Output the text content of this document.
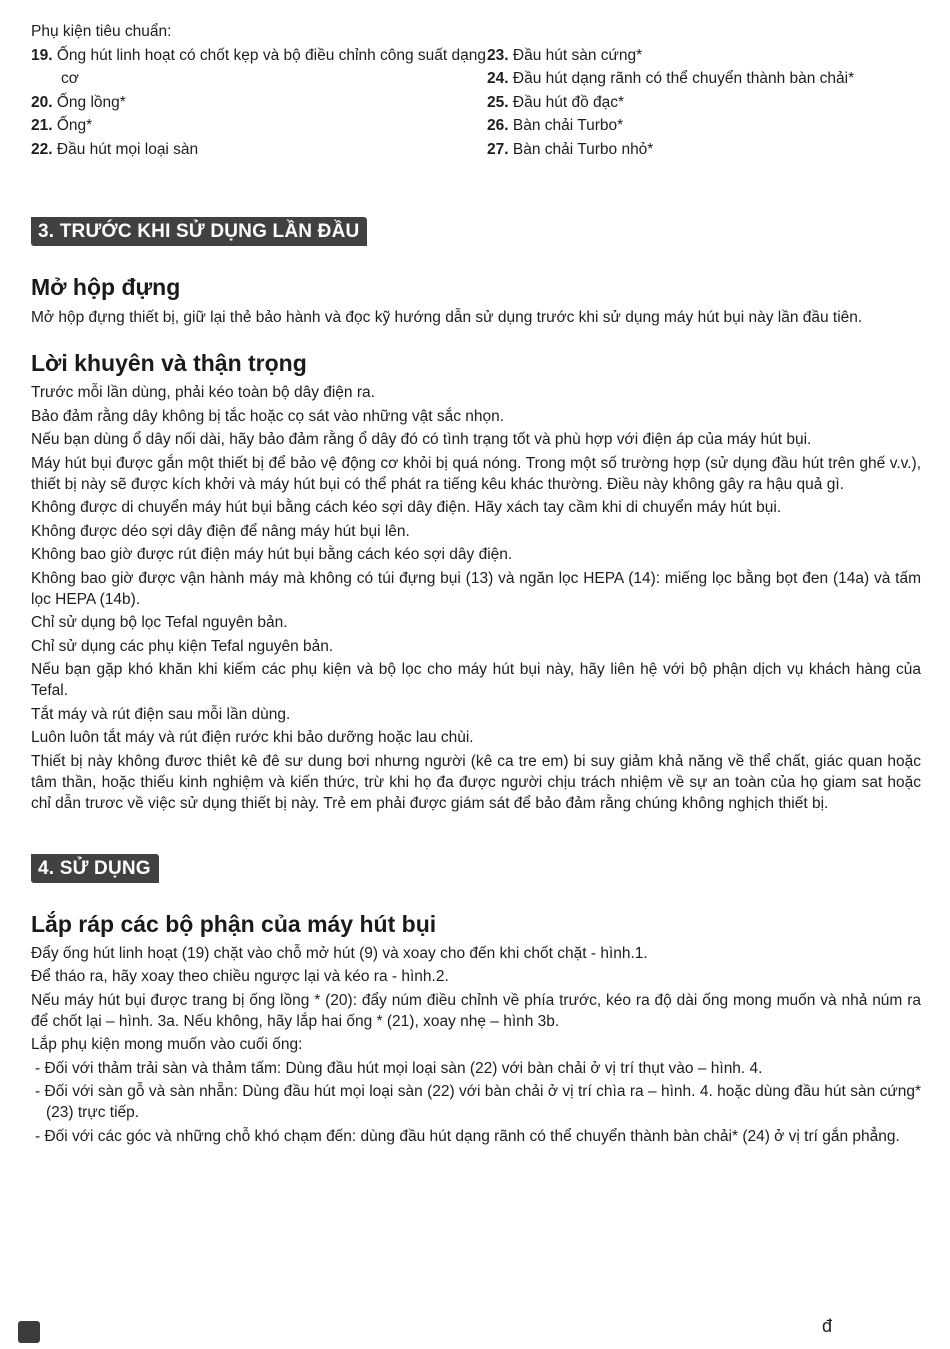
Phụ kiện tiêu chuẩn:
19. Ống hút linh hoạt có chốt kẹp và bộ điều chỉnh công suất dạng cơ
20. Ống lồng*
21. Ống*
22. Đầu hút mọi loại sàn
23. Đầu hút sàn cứng*
24. Đầu hút dạng rãnh có thể chuyển thành bàn chải*
25. Đầu hút đồ đạc*
26. Bàn chải Turbo*
27. Bàn chải Turbo nhỏ*
3. TRƯỚC KHI SỬ DỤNG LẦN ĐẦU
Mở hộp đựng

Mở hộp đựng thiết bị, giữ lại thẻ bảo hành và đọc kỹ hướng dẫn sử dụng trước khi sử dụng máy hút bụi này lần đầu tiên.

Lời khuyên và thận trọng

Trước mỗi lần dùng, phải kéo toàn bộ dây điện ra.

Bảo đảm rằng dây không bị tắc hoặc cọ sát vào những vật sắc nhọn.

Nếu bạn dùng ổ dây nối dài, hãy bảo đảm rằng ổ dây đó có tình trạng tốt và phù hợp với điện áp của máy hút bụi.

Máy hút bụi được gắn một thiết bị để bảo vệ động cơ khỏi bị quá nóng. Trong một số trường hợp (sử dụng đầu hút trên ghế v.v.), thiết bị này sẽ được kích khởi và máy hút bụi có thể phát ra tiếng kêu khác thường. Điều này không gây ra hậu quả gì.

Không được di chuyển máy hút bụi bằng cách kéo sợi dây điện. Hãy xách tay cầm khi di chuyển máy hút bụi.

Không được déo sợi dây điện để nâng máy hút bụi lên.

Không bao giờ được rút điện máy hút bụi bằng cách kéo sợi dây điện.

Không bao giờ được vận hành máy mà không có túi đựng bụi (13) và ngăn lọc HEPA (14): miếng lọc bằng bọt đen (14a) và tấm lọc HEPA (14b).

Chỉ sử dụng bộ lọc Tefal nguyên bản.

Chỉ sử dụng các phụ kiện Tefal nguyên bản.

Nếu bạn gặp khó khăn khi kiếm các phụ kiện và bộ lọc cho máy hút bụi này, hãy liên hệ với bộ phận dịch vụ khách hàng của Tefal.

Tắt máy và rút điện sau mỗi lần dùng.

Luôn luôn tắt máy và rút điện rước khi bảo dưỡng hoặc lau chùi.

Thiết bị này không đươc thiêt kê đê sư dung bơi nhưng người (kê ca tre em) bi suy giảm khả năng về thể chất, giác quan hoặc tâm thần, hoặc thiếu kinh nghiệm và kiến thức, trừ khi họ đa được người chịu trách nhiệm về sự an toàn của họ giam sat hoặc chỉ dẫn trươc về việc sử dụng thiết bị này. Trẻ em phải được giám sát để bảo đảm rằng chúng không nghịch thiết bị.

4. SỬ DỤNG
Lắp ráp các bộ phận của máy hút bụi

Đẩy ống hút linh hoạt (19) chặt vào chỗ mở hút (9) và xoay cho đến khi chốt chặt - hình.1.

Để tháo ra, hãy xoay theo chiều ngược lại và kéo ra - hình.2.

Nếu máy hút bụi được trang bị ống lồng * (20): đẩy núm điều chỉnh về phía trước, kéo ra độ dài ống mong muốn và nhả núm ra để chốt lại – hình. 3a. Nếu không, hãy lắp hai ống * (21), xoay nhẹ – hình 3b.

Lắp phụ kiện mong muốn vào cuối ống:

- Đối với thảm trải sàn và thảm tấm: Dùng đầu hút mọi loại sàn (22) với bàn chải ở vị trí thụt vào – hình. 4.

- Đối với sàn gỗ và sàn nhẵn: Dùng đầu hút mọi loại sàn (22) với bàn chải ở vị trí chìa ra – hình. 4. hoặc dùng đầu hút sàn cứng* (23) trực tiếp.

- Đối với các góc và những chỗ khó chạm đến: dùng đầu hút dạng rãnh có thể chuyển thành bàn chải* (24) ở vị trí gắn phẳng.

đ
